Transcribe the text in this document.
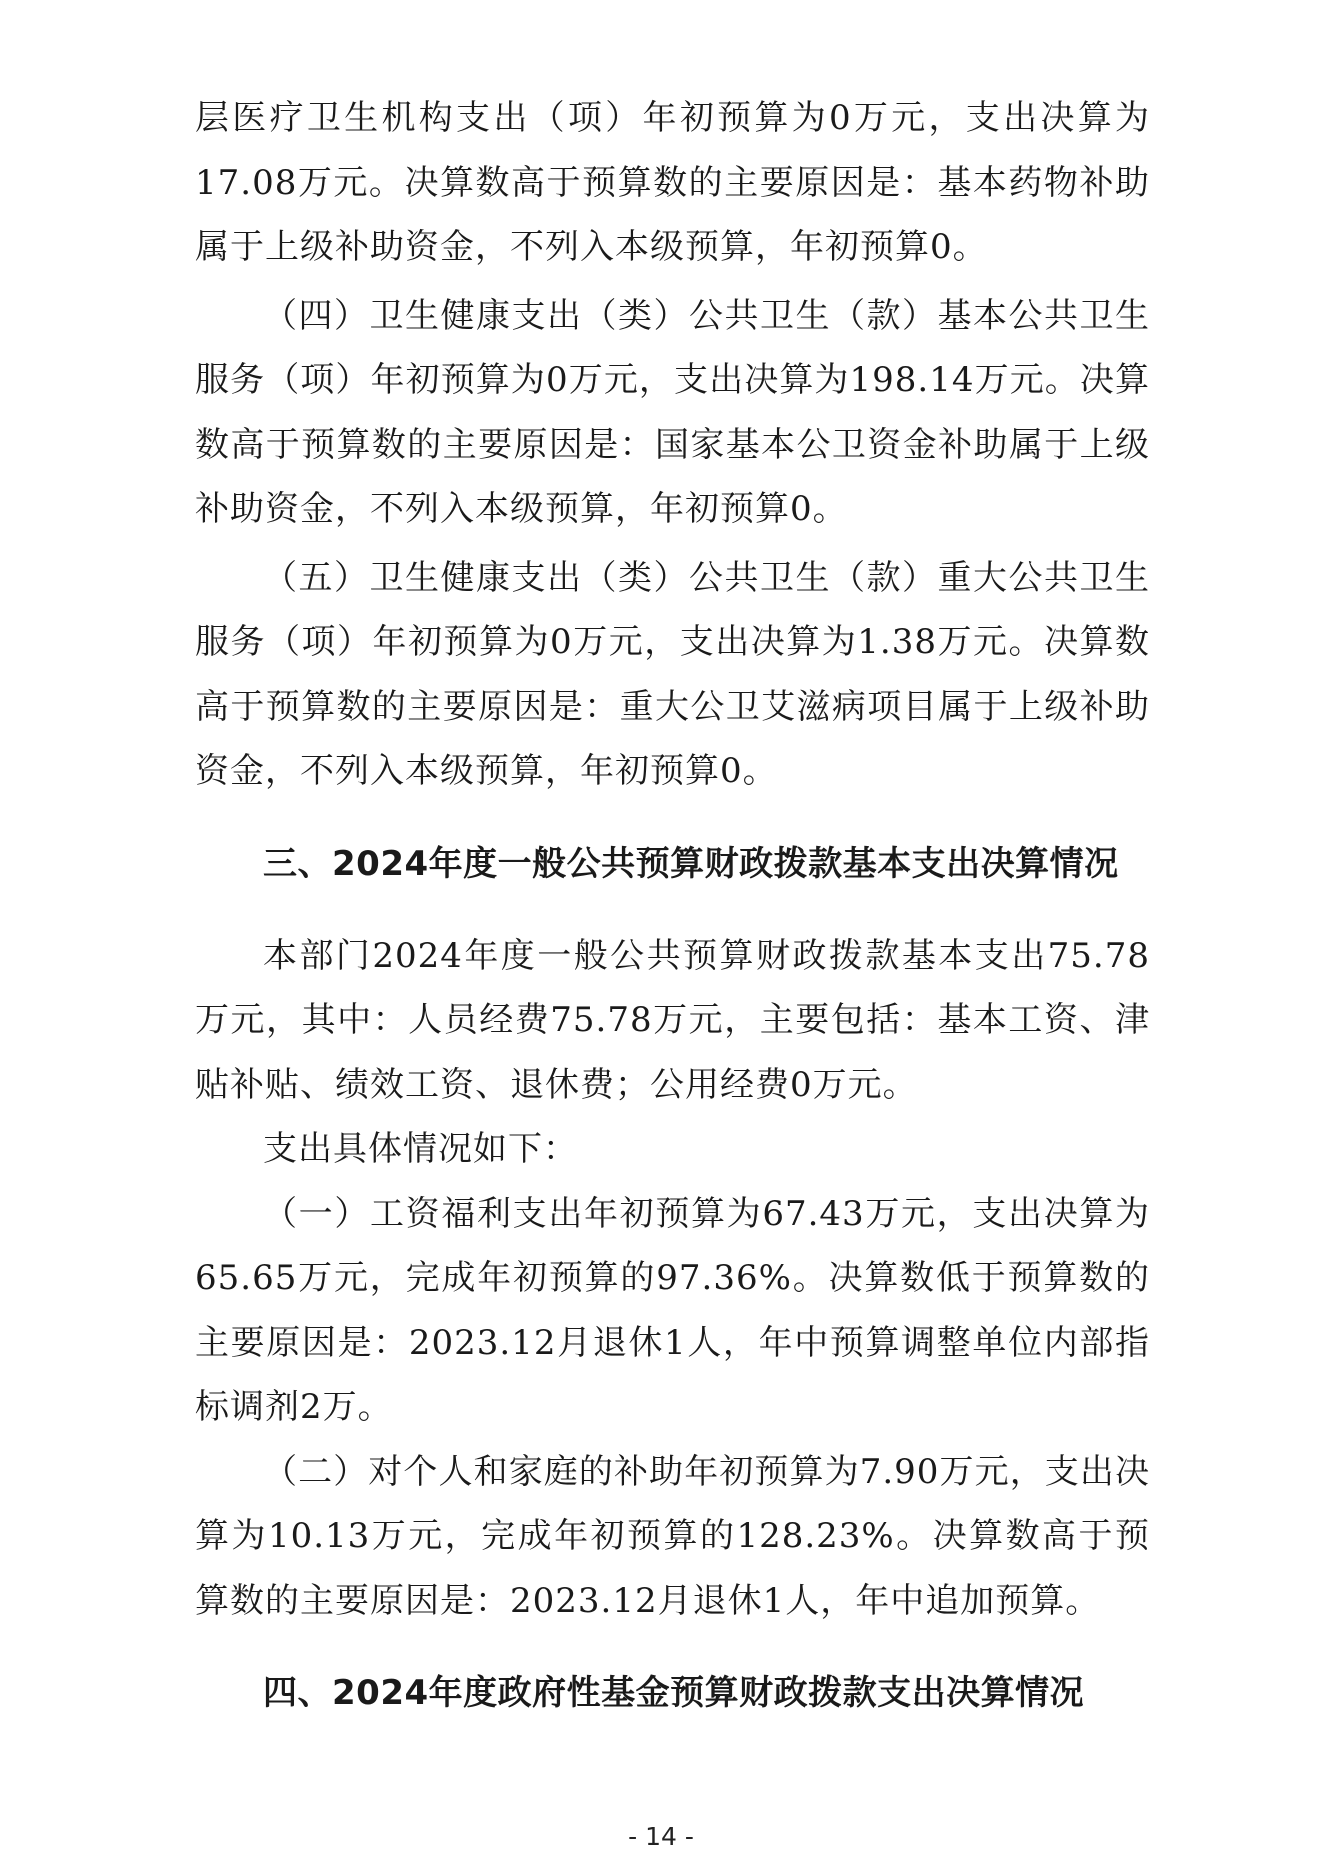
层医疗卫生机构支出（项）年初预算为0万元，支出决算为17.08万元。决算数高于预算数的主要原因是：基本药物补助属于上级补助资金，不列入本级预算，年初预算0。

（四）卫生健康支出（类）公共卫生（款）基本公共卫生服务（项）年初预算为0万元，支出决算为198.14万元。决算数高于预算数的主要原因是：国家基本公卫资金补助属于上级补助资金，不列入本级预算，年初预算0。

（五）卫生健康支出（类）公共卫生（款）重大公共卫生服务（项）年初预算为0万元，支出决算为1.38万元。决算数高于预算数的主要原因是：重大公卫艾滋病项目属于上级补助资金，不列入本级预算，年初预算0。

三、2024年度一般公共预算财政拨款基本支出决算情况

本部门2024年度一般公共预算财政拨款基本支出75.78万元，其中：人员经费75.78万元，主要包括：基本工资、津贴补贴、绩效工资、退休费；公用经费0万元。

支出具体情况如下：

（一）工资福利支出年初预算为67.43万元，支出决算为65.65万元，完成年初预算的97.36%。决算数低于预算数的主要原因是：2023.12月退休1人，年中预算调整单位内部指标调剂2万。

（二）对个人和家庭的补助年初预算为7.90万元，支出决算为10.13万元，完成年初预算的128.23%。决算数高于预算数的主要原因是：2023.12月退休1人，年中追加预算。

四、2024年度政府性基金预算财政拨款支出决算情况
- 14 -
